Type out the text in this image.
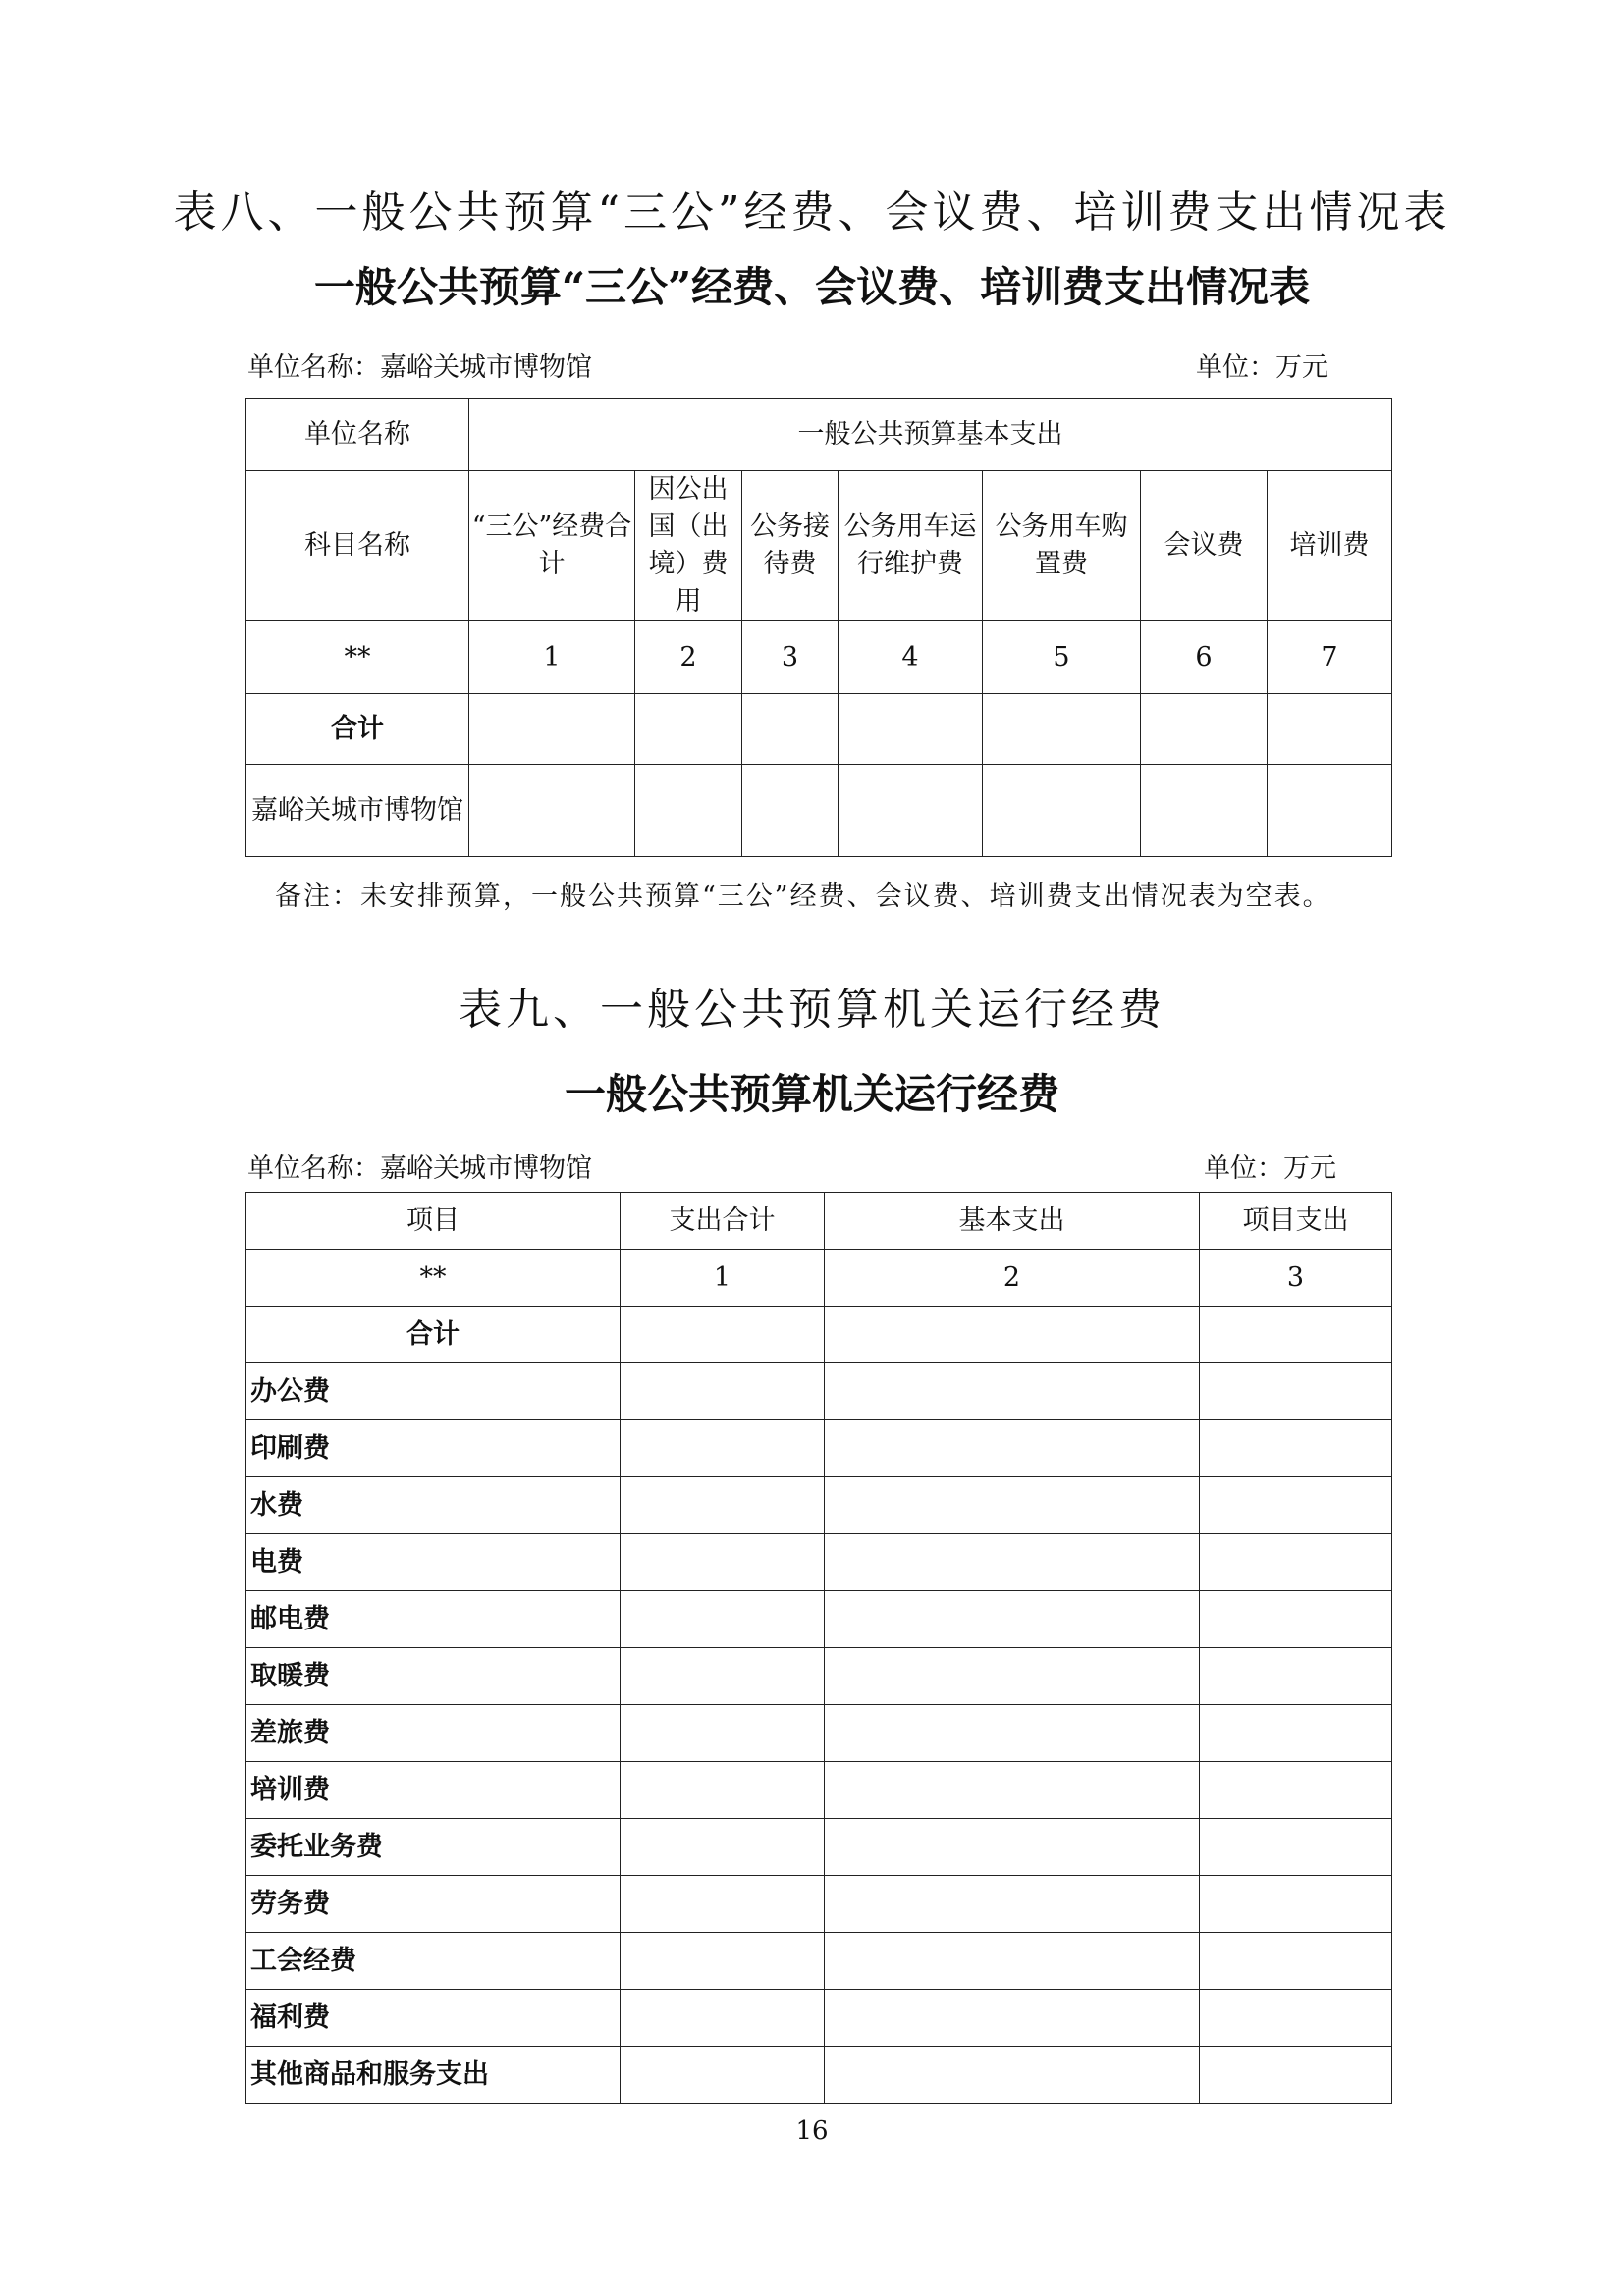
表八、一般公共预算“三公”经费、会议费、培训费支出情况表
一般公共预算“三公”经费、会议费、培训费支出情况表
单位名称：嘉峪关城市博物馆	单位：万元
单位名称	一般公共预算基本支出						
科目名称	“三公”经费合计	因公出国（出境）费用	公务接待费	公务用车运行维护费	公务用车购置费	会议费	培训费
**	1	2	3	4	5	6	7
合计							
嘉峪关城市博物馆							
备注：未安排预算，一般公共预算“三公”经费、会议费、培训费支出情况表为空表。
表九、一般公共预算机关运行经费
一般公共预算机关运行经费
单位名称：嘉峪关城市博物馆	单位：万元
项目	支出合计	基本支出	项目支出
**	1	2	3
合计			
办公费			
印刷费			
水费			
电费			
邮电费			
取暖费			
差旅费			
培训费			
委托业务费			
劳务费			
工会经费			
福利费			
其他商品和服务支出			
16
